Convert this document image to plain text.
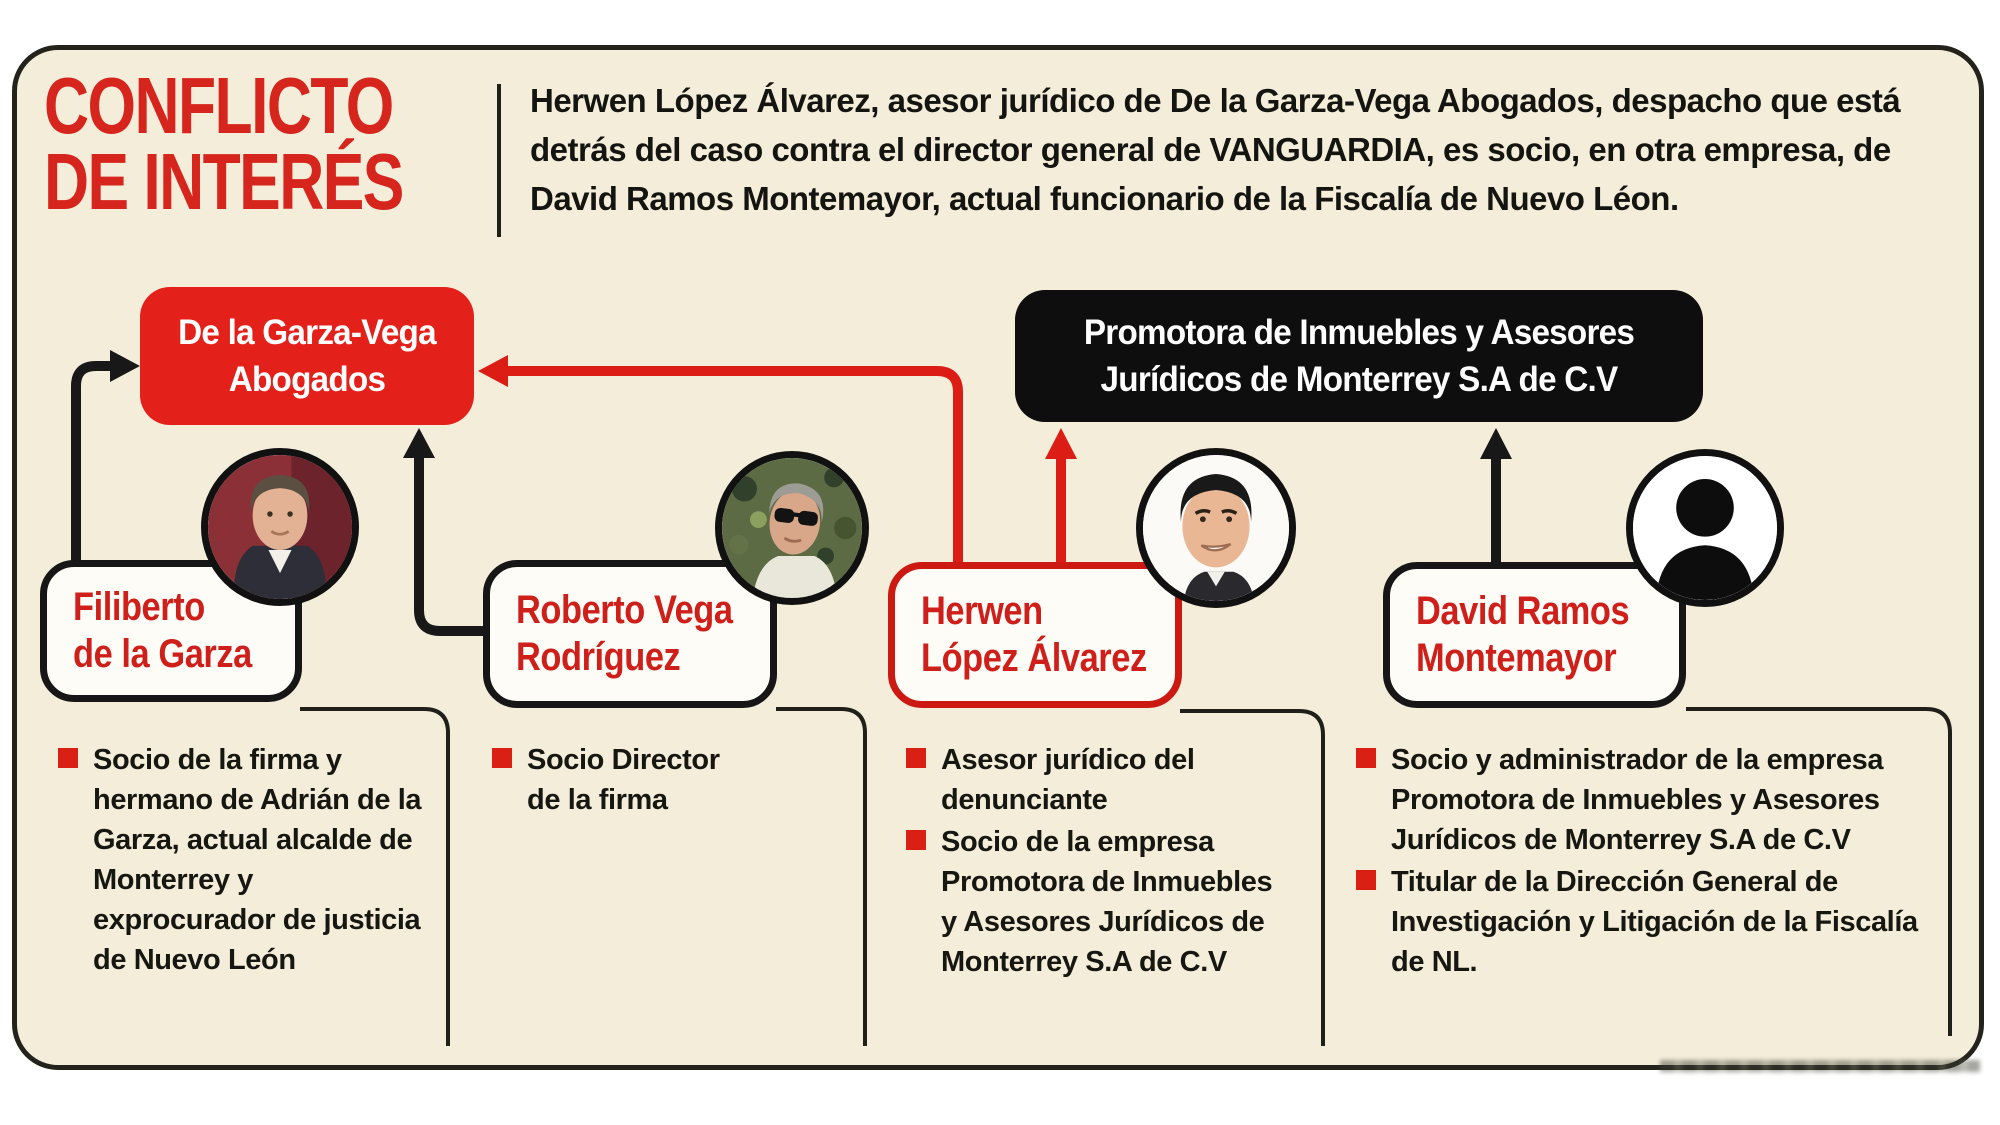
CONFLICTO
DE INTERÉS
Herwen López Álvarez, asesor jurídico de De la Garza-Vega Abogados, despacho que está detrás del caso contra el director general de VANGUARDIA, es socio, en otra empresa, de David Ramos Montemayor, actual funcionario de la Fiscalía de Nuevo Léon.
De la Garza-Vega Abogados
Promotora de Inmuebles y Asesores Jurídicos de Monterrey S.A de C.V
Filiberto
de la Garza
Roberto Vega
Rodríguez
Herwen
López Álvarez
David Ramos
Montemayor
Socio de la firma y hermano de Adrián de la Garza, actual alcalde de Monterrey y exprocurador de justicia de Nuevo León
Socio Director de la firma
Asesor jurídico del denunciante
Socio de la empresa Promotora de Inmuebles y Asesores Jurídicos de Monterrey S.A de C.V
Socio y administrador de la empresa Promotora de Inmuebles y Asesores Jurídicos de Monterrey S.A de C.V
Titular de la Dirección General de Investigación y Litigación de la Fiscalía de NL.
